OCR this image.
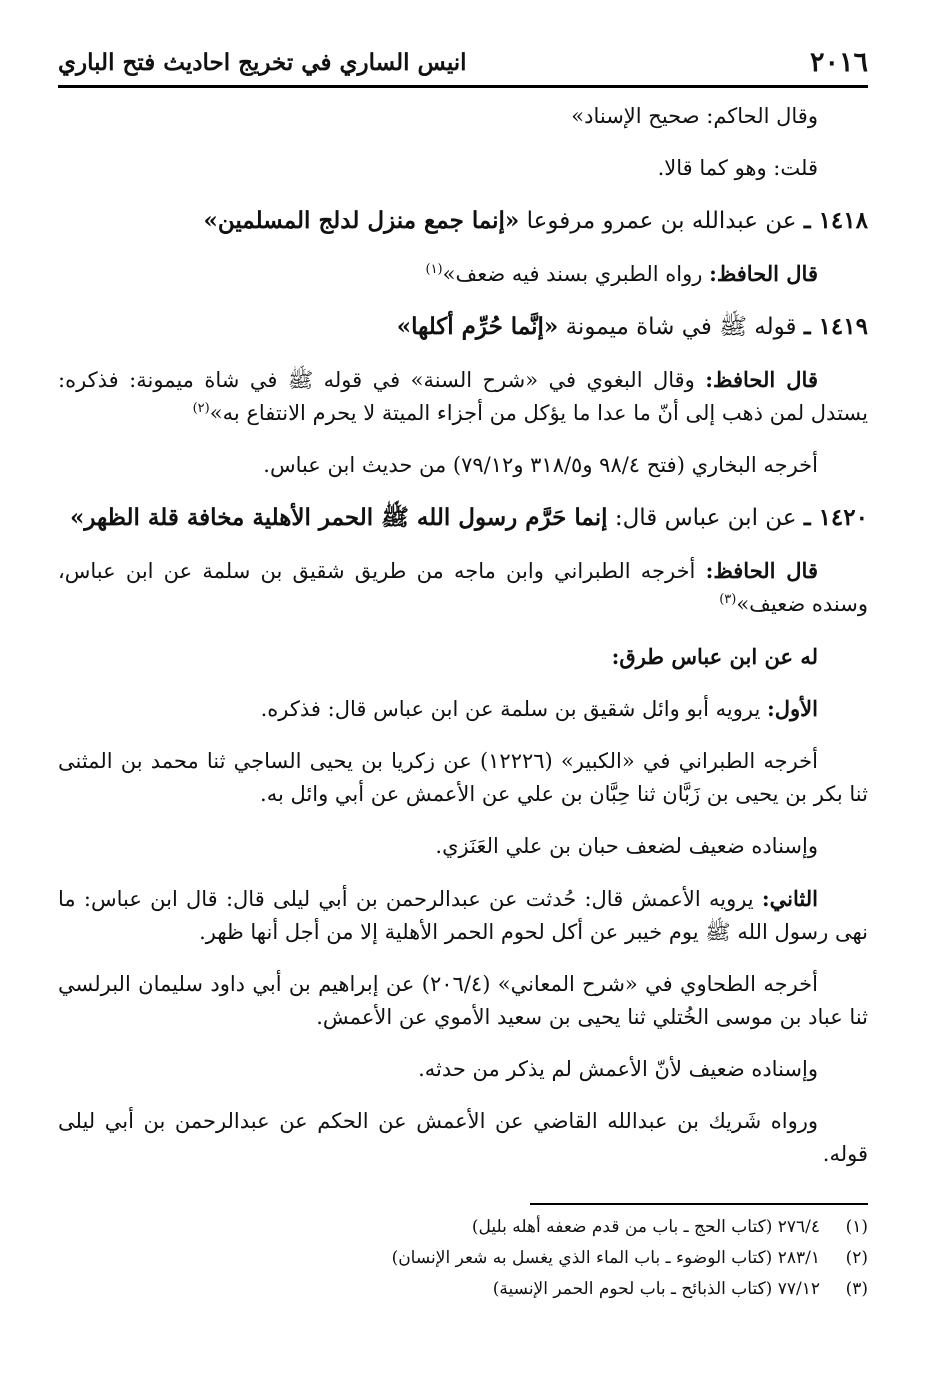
٢٠١٦
انيس الساري في تخريج احاديث فتح الباري

وقال الحاكم: صحيح الإسناد»

قلت: وهو كما قالا.

١٤١٨ ـ عن عبدالله بن عمرو مرفوعا «إنما جمع منزل لدلج المسلمين»

قال الحافظ: رواه الطبري بسند فيه ضعف»$^{(١)}$

١٤١٩ ـ قوله ﷺ في شاة ميمونة «إنَّما حُرِّم أكلها»

قال الحافظ: وقال البغوي في «شرح السنة» في قوله ﷺ في شاة ميمونة: فذكره: يستدل لمن ذهب إلى أنّ ما عدا ما يؤكل من أجزاء الميتة لا يحرم الانتفاع به»$^{(٢)}$

أخرجه البخاري (فتح ٩٨/٤ و٣١٨/٥ و٧٩/١٢) من حديث ابن عباس.

١٤٢٠ ـ عن ابن عباس قال: إنما حَرَّم رسول الله ﷺ الحمر الأهلية مخافة قلة الظهر»

قال الحافظ: أخرجه الطبراني وابن ماجه من طريق شقيق بن سلمة عن ابن عباس، وسنده ضعيف»$^{(٣)}$

له عن ابن عباس طرق:

الأول: يرويه أبو وائل شقيق بن سلمة عن ابن عباس قال: فذكره.

أخرجه الطبراني في «الكبير» (١٢٢٢٦) عن زكريا بن يحيى الساجي ثنا محمد بن المثنى ثنا بكر بن يحيى بن زَبَّان ثنا حِبَّان بن علي عن الأعمش عن أبي وائل به.

وإسناده ضعيف لضعف حبان بن علي العَنَزي.

الثاني: يرويه الأعمش قال: حُدثت عن عبدالرحمن بن أبي ليلى قال: قال ابن عباس: ما نهى رسول الله ﷺ يوم خيبر عن أكل لحوم الحمر الأهلية إلا من أجل أنها ظهر.

أخرجه الطحاوي في «شرح المعاني» (٢٠٦/٤) عن إبراهيم بن أبي داود سليمان البرلسي ثنا عباد بن موسى الخُتلي ثنا يحيى بن سعيد الأموي عن الأعمش.

وإسناده ضعيف لأنّ الأعمش لم يذكر من حدثه.

ورواه شَريك بن عبدالله القاضي عن الأعمش عن الحكم عن عبدالرحمن بن أبي ليلى قوله.

(١)
٢٧٦/٤ (كتاب الحج ـ باب من قدم ضعفه أهله بليل)
(٢)
٢٨٣/١ (كتاب الوضوء ـ باب الماء الذي يغسل به شعر الإنسان)
(٣)
٧٧/١٢ (كتاب الذبائح ـ باب لحوم الحمر الإنسية)
